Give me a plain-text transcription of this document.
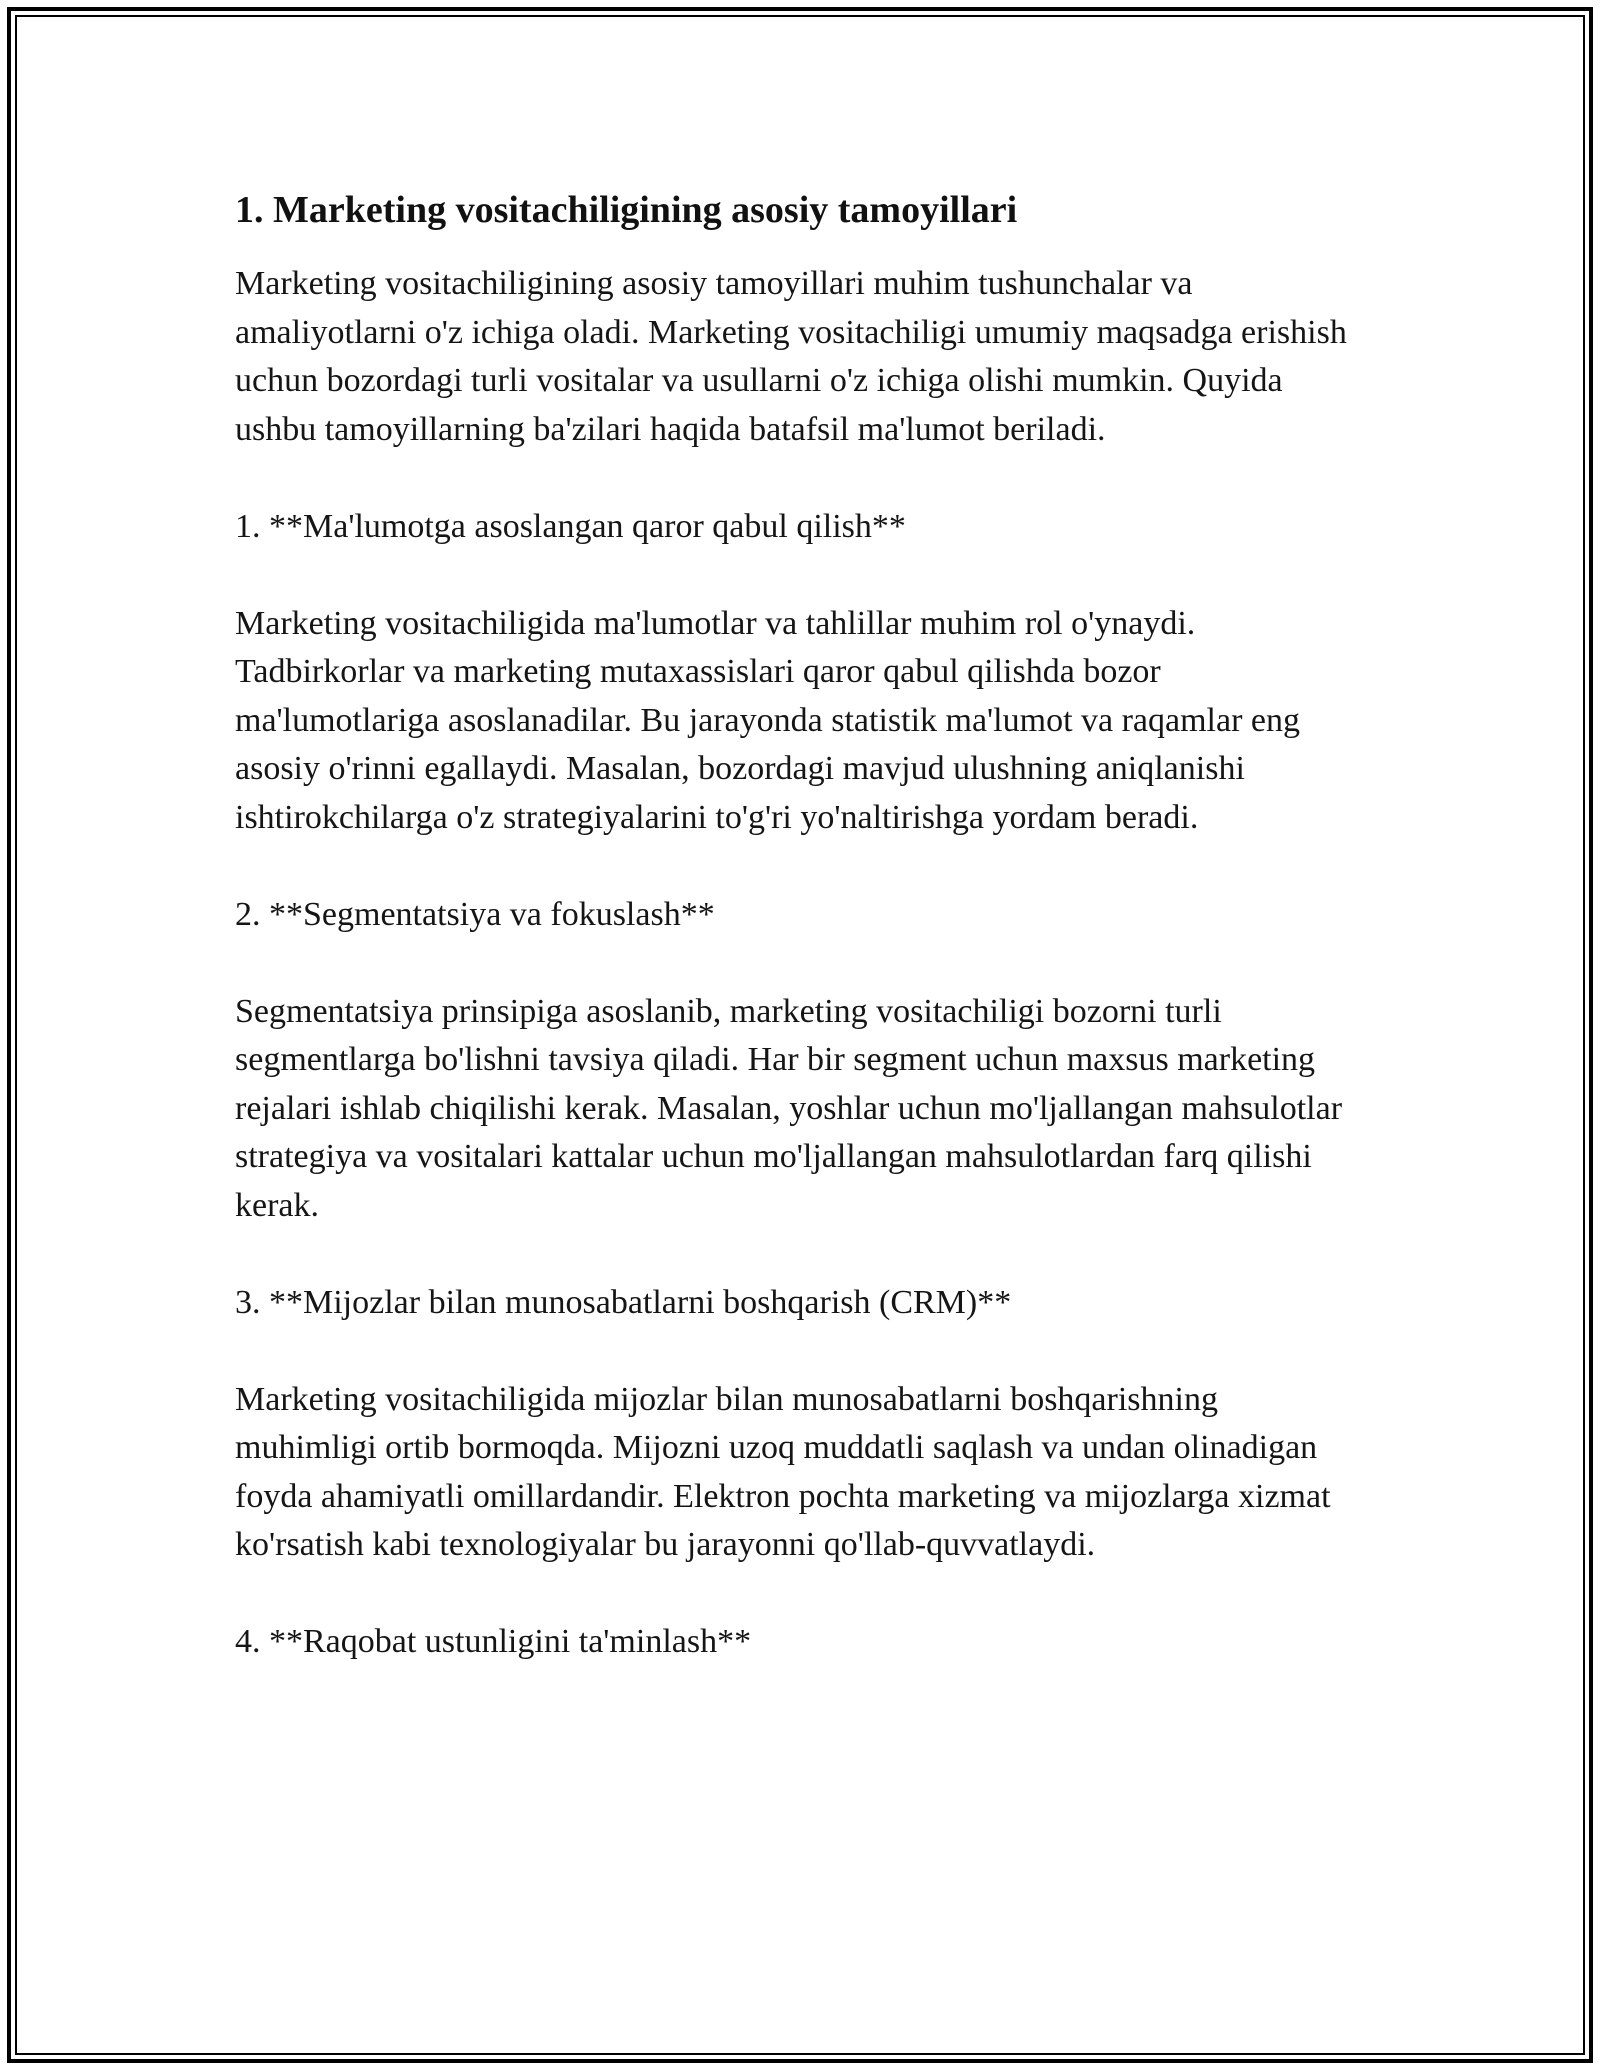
1. Marketing vositachiligining asosiy tamoyillari

Marketing vositachiligining asosiy tamoyillari muhim tushunchalar va amaliyotlarni o'z ichiga oladi. Marketing vositachiligi umumiy maqsadga erishish uchun bozordagi turli vositalar va usullarni o'z ichiga olishi mumkin. Quyida ushbu tamoyillarning ba'zilari haqida batafsil ma'lumot beriladi.

1. **Ma'lumotga asoslangan qaror qabul qilish**

Marketing vositachiligida ma'lumotlar va tahlillar muhim rol o'ynaydi. Tadbirkorlar va marketing mutaxassislari qaror qabul qilishda bozor ma'lumotlariga asoslanadilar. Bu jarayonda statistik ma'lumot va raqamlar eng asosiy o'rinni egallaydi. Masalan, bozordagi mavjud ulushning aniqlanishi ishtirokchilarga o'z strategiyalarini to'g'ri yo'naltirishga yordam beradi.

2. **Segmentatsiya va fokuslash**

Segmentatsiya prinsipiga asoslanib, marketing vositachiligi bozorni turli segmentlarga bo'lishni tavsiya qiladi. Har bir segment uchun maxsus marketing rejalari ishlab chiqilishi kerak. Masalan, yoshlar uchun mo'ljallangan mahsulotlar strategiya va vositalari kattalar uchun mo'ljallangan mahsulotlardan farq qilishi kerak.

3. **Mijozlar bilan munosabatlarni boshqarish (CRM)**

Marketing vositachiligida mijozlar bilan munosabatlarni boshqarishning muhimligi ortib bormoqda. Mijozni uzoq muddatli saqlash va undan olinadigan foyda ahamiyatli omillardandir. Elektron pochta marketing va mijozlarga xizmat ko'rsatish kabi texnologiyalar bu jarayonni qo'llab-quvvatlaydi.

4. **Raqobat ustunligini ta'minlash**
